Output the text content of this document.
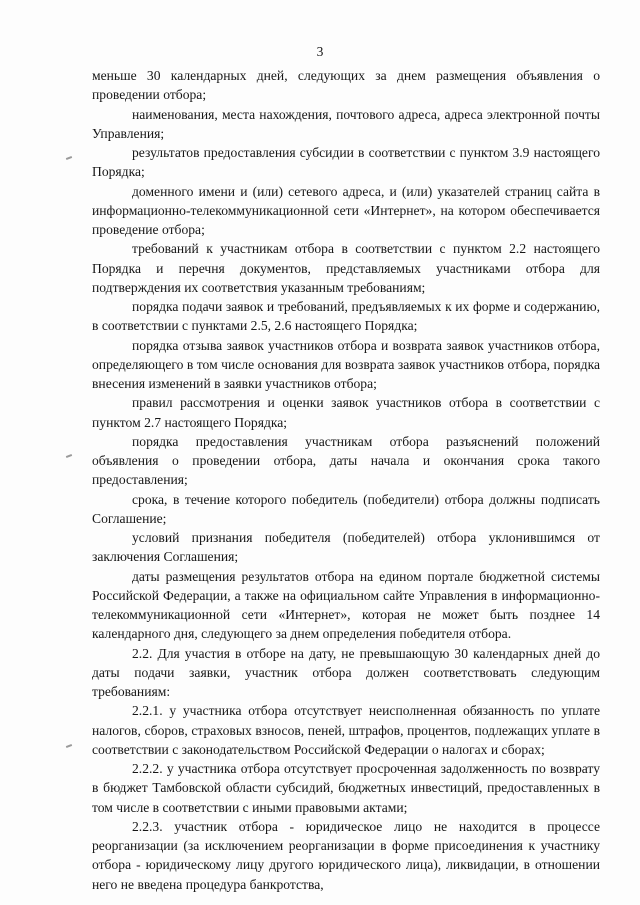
3

меньше 30 календарных дней, следующих за днем размещения объявления о проведении отбора;

наименования, места нахождения, почтового адреса, адреса электронной почты Управления;

результатов предоставления субсидии в соответствии с пунктом 3.9 настоящего Порядка;

доменного имени и (или) сетевого адреса, и (или) указателей страниц сайта в информационно-телекоммуникационной сети «Интернет», на котором обеспечивается проведение отбора;

требований к участникам отбора в соответствии с пунктом 2.2 настоящего Порядка и перечня документов, представляемых участниками отбора для подтверждения их соответствия указанным требованиям;

порядка подачи заявок и требований, предъявляемых к их форме и содержанию, в соответствии с пунктами 2.5, 2.6 настоящего Порядка;

порядка отзыва заявок участников отбора и возврата заявок участников отбора, определяющего в том числе основания для возврата заявок участников отбора, порядка внесения изменений в заявки участников отбора;

правил рассмотрения и оценки заявок участников отбора в соответствии с пунктом 2.7 настоящего Порядка;

порядка предоставления участникам отбора разъяснений положений объявления о проведении отбора, даты начала и окончания срока такого предоставления;

срока, в течение которого победитель (победители) отбора должны подписать Соглашение;

условий признания победителя (победителей) отбора уклонившимся от заключения Соглашения;

даты размещения результатов отбора на едином портале бюджетной системы Российской Федерации, а также на официальном сайте Управления в информационно-телекоммуникационной сети «Интернет», которая не может быть позднее 14 календарного дня, следующего за днем определения победителя отбора.

2.2. Для участия в отборе на дату, не превышающую 30 календарных дней до даты подачи заявки, участник отбора должен соответствовать следующим требованиям:

2.2.1. у участника отбора отсутствует неисполненная обязанность по уплате налогов, сборов, страховых взносов, пеней, штрафов, процентов, подлежащих уплате в соответствии с законодательством Российской Федерации о налогах и сборах;

2.2.2. у участника отбора отсутствует просроченная задолженность по возврату в бюджет Тамбовской области субсидий, бюджетных инвестиций, предоставленных в том числе в соответствии с иными правовыми актами;

2.2.3. участник отбора - юридическое лицо не находится в процессе реорганизации (за исключением реорганизации в форме присоединения к участнику отбора - юридическому лицу другого юридического лица), ликвидации, в отношении него не введена процедура банкротства,
